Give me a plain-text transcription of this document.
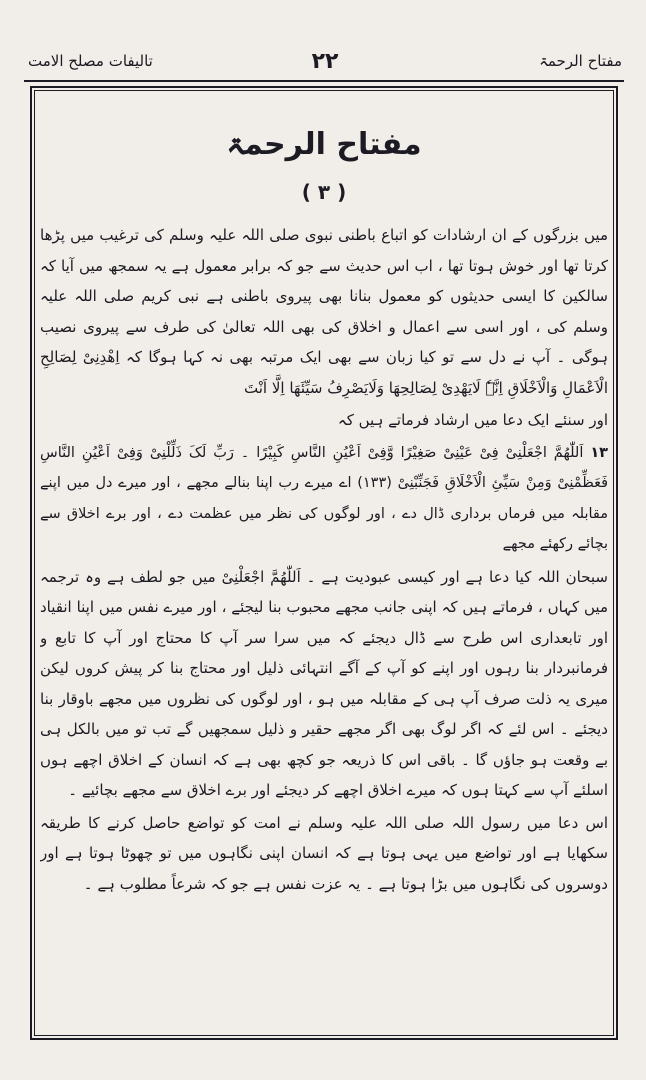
تالیفات مصلح الامت	۲۲	مفتاح الرحمۃ
مفتاح الرحمۃ
( ۳ )

میں بزرگوں کے ان ارشادات کو اتباع باطنی نبوی صلی اللہ علیہ وسلم کی ترغیب میں پڑھا کرتا تھا اور خوش ہوتا تھا ، اب اس حدیث سے جو کہ برابر معمول ہے یہ سمجھ میں آیا کہ سالکین کا ایسی حدیثوں کو معمول بنانا بھی پیروی باطنی ہے نبی کریم صلی اللہ علیہ وسلم کی ، اور اسی سے اعمال و اخلاق کی بھی اللہ تعالیٰ کی طرف سے پیروی نصیب ہوگی ۔ آپ نے دل سے تو کیا زبان سے بھی ایک مرتبہ بھی نہ کہا ہوگا کہ اِھْدِنِیْ لِصَالِحِ الْاَعْمَالِ وَالْاَخْلَاقِ اِنَّہٗ لَایَھْدِیْ لِصَالِحِھَا وَلَایَصْرِفُ سَیِّئَھَا اِلَّا اَنْتَ

اور سنئے ایک دعا میں ارشاد فرماتے ہیں کہ

۱۳ اَللّٰھُمَّ اجْعَلْنِیْ فِیْ عَیْنِیْ صَغِیْرًا وَّفِیْ اَعْیُنِ النَّاسِ کَبِیْرًا ۔ رَبِّ لَکَ ذَلِّلْنِیْ وَفِیْ اَعْیُنِ النَّاسِ فَعَظِّمْنِیْ وَمِنْ سَیِّئِ الْاَخْلَاقِ فَجَنِّبْنِیْ (۱۳۳) اے میرے رب اپنا بنالے مجھے ، اور میرے دل میں اپنے مقابلہ میں فرماں برداری ڈال دے ، اور لوگوں کی نظر میں عظمت دے ، اور برے اخلاق سے بچائے رکھئے مجھے

سبحان اللہ کیا دعا ہے اور کیسی عبودیت ہے ۔ اَللّٰھُمَّ اجْعَلْنِیْ میں جو لطف ہے وہ ترجمہ میں کہاں ، فرماتے ہیں کہ اپنی جانب مجھے محبوب بنا لیجئے ، اور میرے نفس میں اپنا انقیاد اور تابعداری اس طرح سے ڈال دیجئے کہ میں سرا سر آپ کا محتاج اور آپ کا تابع و فرمانبردار بنا رہوں اور اپنے کو آپ کے آگے انتہائی ذلیل اور محتاج بنا کر پیش کروں لیکن میری یہ ذلت صرف آپ ہی کے مقابلہ میں ہو ، اور لوگوں کی نظروں میں مجھے باوقار بنا دیجئے ۔ اس لئے کہ اگر لوگ بھی اگر مجھے حقیر و ذلیل سمجھیں گے تب تو میں بالکل ہی بے وقعت ہو جاؤں گا ۔ باقی اس کا ذریعہ جو کچھ بھی ہے کہ انسان کے اخلاق اچھے ہوں اسلئے آپ سے کہتا ہوں کہ میرے اخلاق اچھے کر دیجئے اور برے اخلاق سے مجھے بچائیے ۔

اس دعا میں رسول اللہ صلی اللہ علیہ وسلم نے امت کو تواضع حاصل کرنے کا طریقہ سکھایا ہے اور تواضع میں یہی ہوتا ہے کہ انسان اپنی نگاہوں میں تو چھوٹا ہوتا ہے اور دوسروں کی نگاہوں میں بڑا ہوتا ہے ۔ یہ عزت نفس ہے جو کہ شرعاً مطلوب ہے ۔
